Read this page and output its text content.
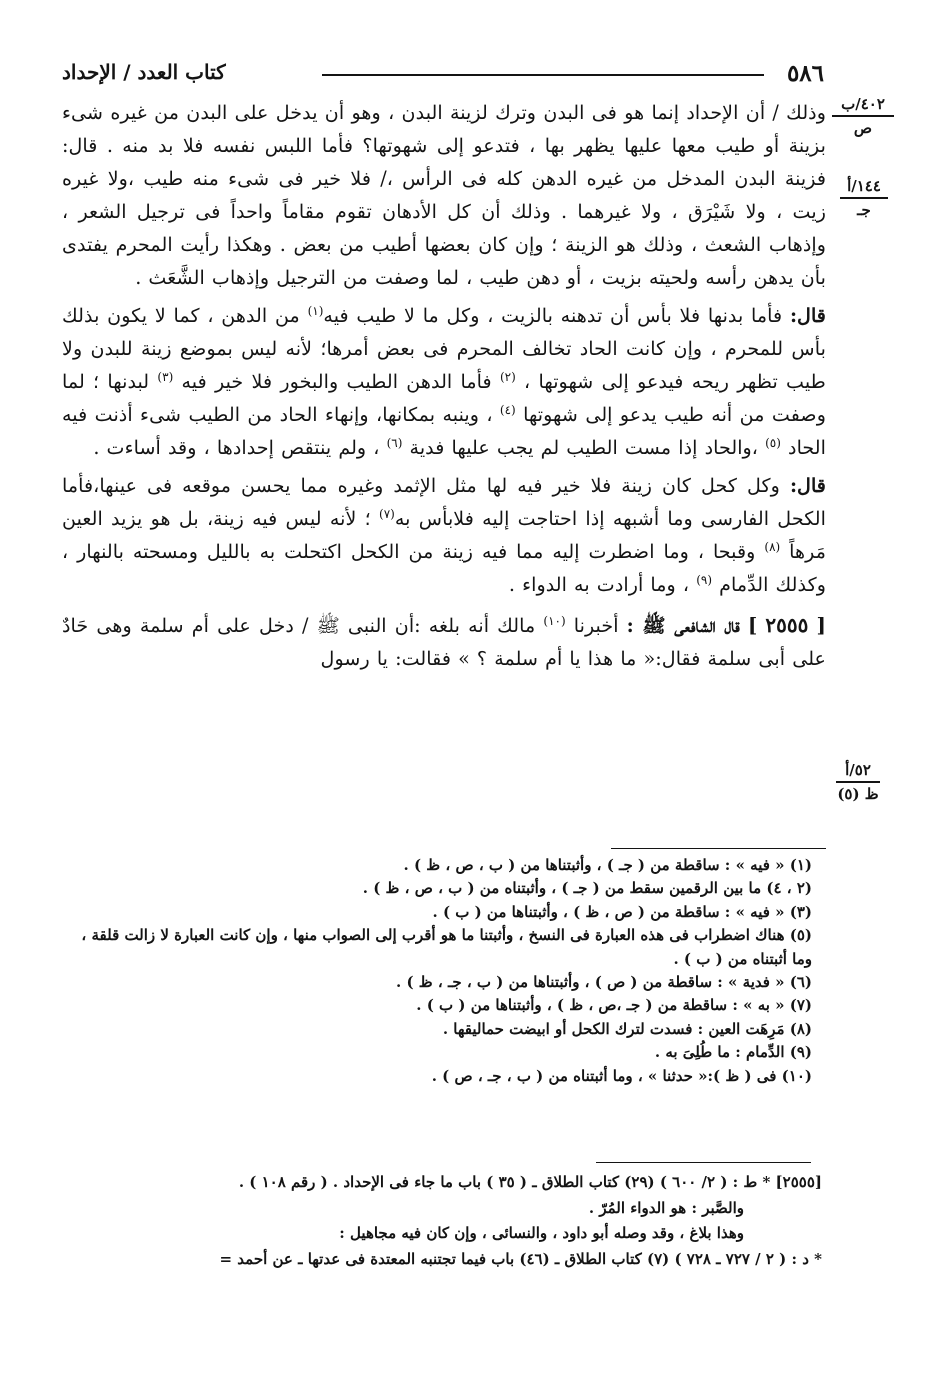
٥٨٦
كتاب العدد / الإحداد
٤٠٢/ب
ص
١٤٤/أ
جـ
٥٢/أ
ظ (٥)

وذلك / أن الإحداد إنما هو فى البدن وترك لزينة البدن ، وهو أن يدخل على البدن من غيره شىء بزينة أو طيب معها عليها يظهر بها ، فتدعو إلى شهوتها؟ فأما اللبس نفسه فلا بد منه . قال: فزينة البدن المدخل من غيره الدهن كله فى الرأس ،/ فلا خير فى شىء منه طيب ،ولا غيره زيت ، ولا شَيْرَق ، ولا غيرهما . وذلك أن كل الأدهان تقوم مقاماً واحداً فى ترجيل الشعر ، وإذهاب الشعث ، وذلك هو الزينة ؛ وإن كان بعضها أطيب من بعض . وهكذا رأيت المحرم يفتدى بأن يدهن رأسه ولحيته بزيت ، أو دهن طيب ، لما وصفت من الترجيل وإذهاب الشَّعَث .

قال: فأما بدنها فلا بأس أن تدهنه بالزيت ، وكل ما لا طيب فيه$^{(١)}$ من الدهن ، كما لا يكون بذلك بأس للمحرم ، وإن كانت الحاد تخالف المحرم فى بعض أمرها؛ لأنه ليس بموضع زينة للبدن ولا طيب تظهر ريحه فيدعو إلى شهوتها ، $^{(٢)}$ فأما الدهن الطيب والبخور فلا خير فيه $^{(٣)}$ لبدنها ؛ لما وصفت من أنه طيب يدعو إلى شهوتها $^{(٤)}$ ، وينبه بمكانها، وإنهاء الحاد من الطيب شىء أذنت فيه الحاد $^{(٥)}$ ،والحاد إذا مست الطيب لم يجب عليها فدية $^{(٦)}$ ، ولم ينتقص إحدادها ، وقد أساءت .

قال: وكل كحل كان زينة فلا خير فيه لها مثل الإثمد وغيره مما يحسن موقعه فى عينها،فأما الكحل الفارسى وما أشبهه إذا احتاجت إليه فلابأس به$^{(٧)}$ ؛ لأنه ليس فيه زينة، بل هو يزيد العين مَرهاً $^{(٨)}$ وقبحا ، وما اضطرت إليه مما فيه زينة من الكحل اكتحلت به بالليل ومسحته بالنهار ، وكذلك الدِّمام $^{(٩)}$ ، وما أرادت به الدواء .

[ ٢٥٥٥ ] قال الشافعى ﷺ : أخبرنا $^{(١٠)}$ مالك أنه بلغه :أن النبى ﷺ / دخل على أم سلمة وهى حَادٌ على أبى سلمة فقال:« ما هذا يا أم سلمة ؟ » فقالت: يا رسول

(١) « فيه » : ساقطة من ( جـ ) ، وأثبتناها من ( ب ، ص ، ظ ) .
(٢ ، ٤) ما بين الرقمين سقط من ( جـ ) ، وأثبتناه من ( ب ، ص ، ظ ) .
(٣) « فيه » : ساقطة من ( ص ، ظ ) ، وأثبتناها من ( ب ) .
(٥) هناك اضطراب فى هذه العبارة فى النسخ ، وأثبتنا ما هو أقرب إلى الصواب منها ، وإن كانت العبارة لا زالت قلقة ، وما أثبتناه من ( ب ) .
(٦) « فدية » : ساقطة من ( ص ) ، وأثبتناها من ( ب ، جـ ، ظ ) .
(٧) « به » : ساقطة من ( جـ ،ص ، ظ ) ، وأثبتناها من ( ب ) .
(٨) مَرِهَت العين : فسدت لترك الكحل أو ابيضت حماليقها .
(٩) الدِّمام : ما طُلِىَ به .
(١٠) فى ( ظ ):« حدثنا » ، وما أثبتناه من ( ب ، جـ ، ص ) .
[٢٥٥٥] * ط : ( ٢/ ٦٠٠ ) (٢٩) كتاب الطلاق ـ ( ٣٥ ) باب ما جاء فى الإحداد . ( رقم ١٠٨ ) .
والصَّبر : هو الدواء المُرّ .
وهذا بلاغ ، وقد وصله أبو داود ، والنسائى ، وإن كان فيه مجاهيل :
* د : ( ٢ / ٧٢٧ ـ ٧٢٨ ) (٧) كتاب الطلاق ـ (٤٦) باب فيما تجتنبه المعتدة فى عدتها ـ عن أحمد =
